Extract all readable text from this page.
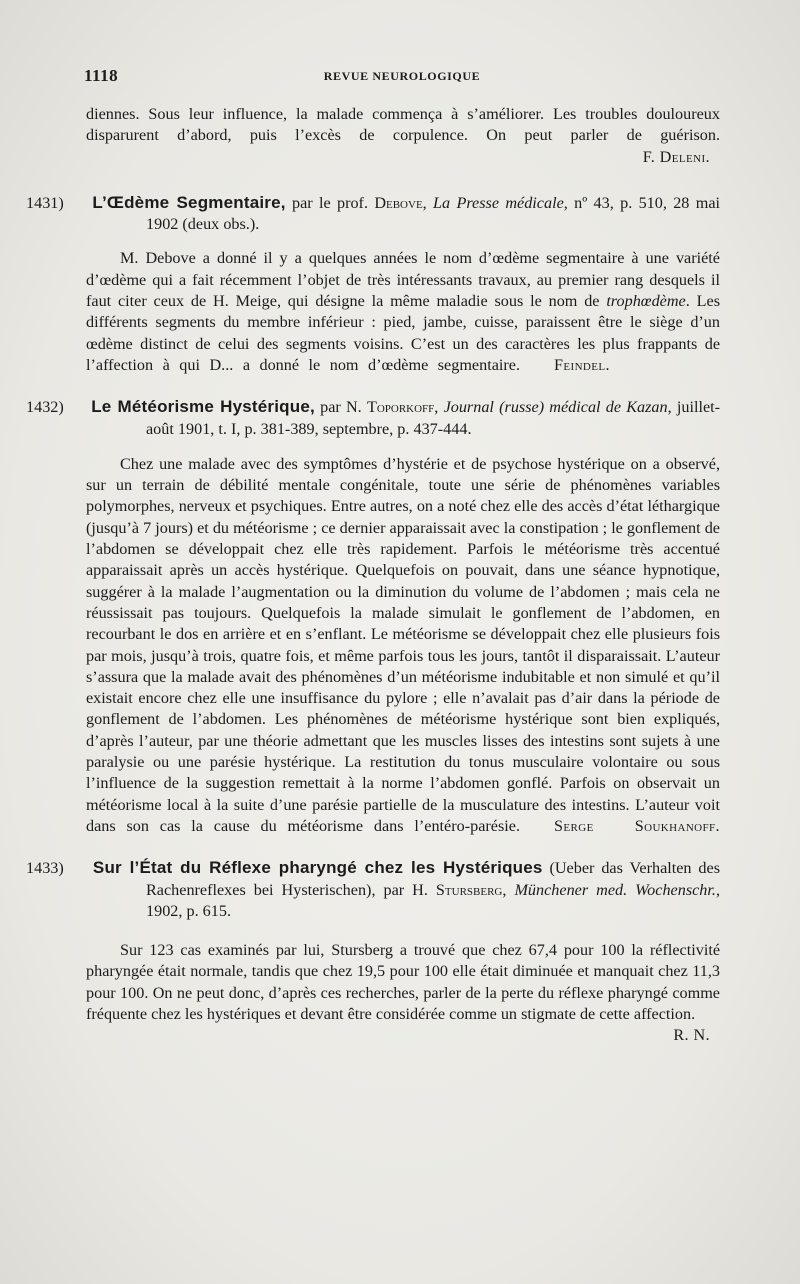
1118	REVUE NEUROLOGIQUE

diennes. Sous leur influence, la malade commença à s’améliorer. Les troubles douloureux disparurent d’abord, puis l’excès de corpulence. On peut parler de guérison.

F. Deleni.

1431) L’Œdème Segmentaire, par le prof. Debove, La Presse médicale, nº 43, p. 510, 28 mai 1902 (deux obs.).

M. Debove a donné il y a quelques années le nom d’œdème segmentaire à une variété d’œdème qui a fait récemment l’objet de très intéressants travaux, au premier rang desquels il faut citer ceux de H. Meige, qui désigne la même maladie sous le nom de trophœdème. Les différents segments du membre inférieur : pied, jambe, cuisse, paraissent être le siège d’un œdème distinct de celui des segments voisins. C’est un des caractères les plus frappants de l’affection à qui D... a donné le nom d’œdème segmentaire. Feindel.

1432) Le Météorisme Hystérique, par N. Toporkoff, Journal (russe) médical de Kazan, juillet-août 1901, t. I, p. 381-389, septembre, p. 437-444.

Chez une malade avec des symptômes d’hystérie et de psychose hystérique on a observé, sur un terrain de débilité mentale congénitale, toute une série de phénomènes variables polymorphes, nerveux et psychiques. Entre autres, on a noté chez elle des accès d’état léthargique (jusqu’à 7 jours) et du météorisme ; ce dernier apparaissait avec la constipation ; le gonflement de l’abdomen se développait chez elle très rapidement. Parfois le météorisme très accentué apparaissait après un accès hystérique. Quelquefois on pouvait, dans une séance hypnotique, suggérer à la malade l’augmentation ou la diminution du volume de l’abdomen ; mais cela ne réussissait pas toujours. Quelquefois la malade simulait le gonflement de l’abdomen, en recourbant le dos en arrière et en s’enflant. Le météorisme se développait chez elle plusieurs fois par mois, jusqu’à trois, quatre fois, et même parfois tous les jours, tantôt il disparaissait. L’auteur s’assura que la malade avait des phénomènes d’un météorisme indubitable et non simulé et qu’il existait encore chez elle une insuffisance du pylore ; elle n’avalait pas d’air dans la période de gonflement de l’abdomen. Les phénomènes de météorisme hystérique sont bien expliqués, d’après l’auteur, par une théorie admettant que les muscles lisses des intestins sont sujets à une paralysie ou une parésie hystérique. La restitution du tonus musculaire volontaire ou sous l’influence de la suggestion remettait à la norme l’abdomen gonflé. Parfois on observait un météorisme local à la suite d’une parésie partielle de la musculature des intestins. L’auteur voit dans son cas la cause du météorisme dans l’entéro-parésie. Serge Soukhanoff.

1433) Sur l’État du Réflexe pharyngé chez les Hystériques (Ueber das Verhalten des Rachenreflexes bei Hysterischen), par H. Stursberg, Münchener med. Wochenschr., 1902, p. 615.

Sur 123 cas examinés par lui, Stursberg a trouvé que chez 67,4 pour 100 la réflectivité pharyngée était normale, tandis que chez 19,5 pour 100 elle était diminuée et manquait chez 11,3 pour 100. On ne peut donc, d’après ces recherches, parler de la perte du réflexe pharyngé comme fréquente chez les hystériques et devant être considérée comme un stigmate de cette affection.

R. N.
